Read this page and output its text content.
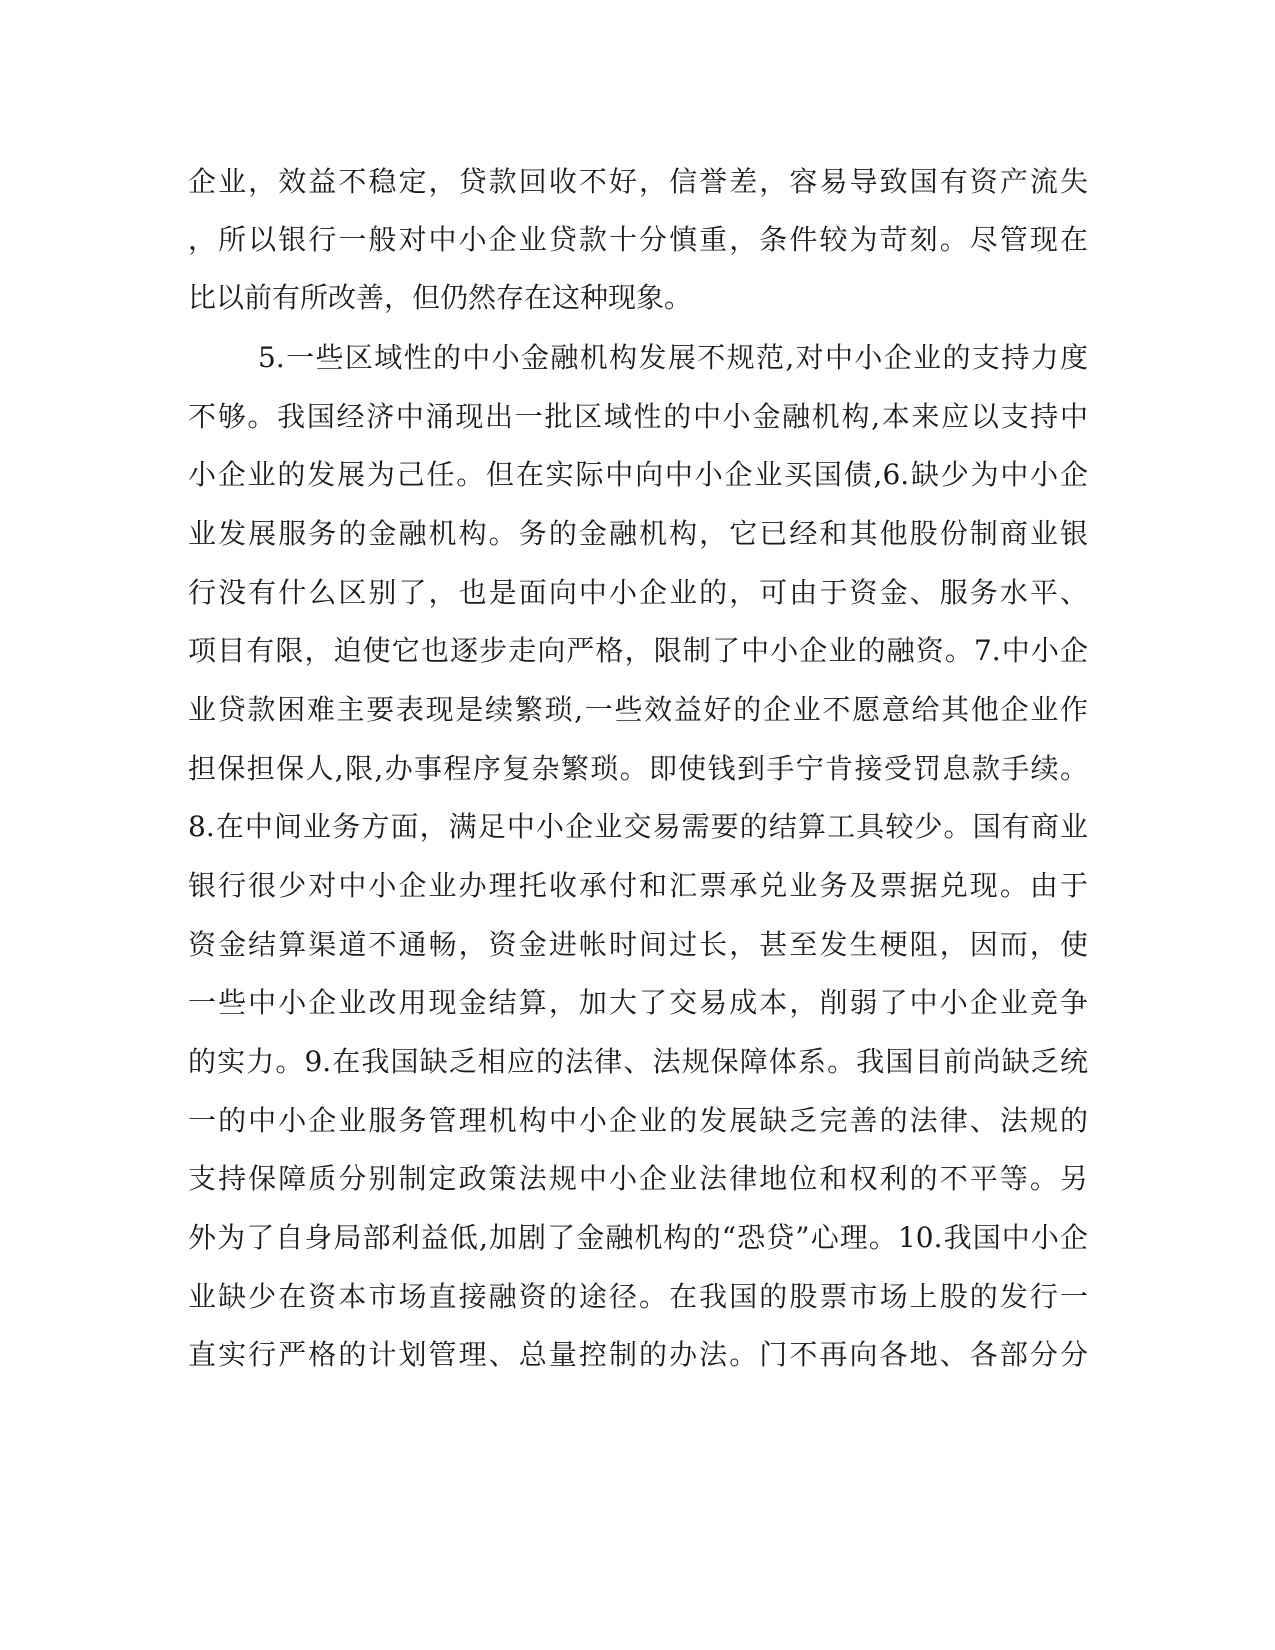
企业，效益不稳定，贷款回收不好，信誉差，容易导致国有资产流失
，所以银行一般对中小企业贷款十分慎重，条件较为苛刻。尽管现在
比以前有所改善，但仍然存在这种现象。
5.一些区域性的中小金融机构发展不规范,对中小企业的支持力度
不够。我国经济中涌现出一批区域性的中小金融机构,本来应以支持中
小企业的发展为己任。但在实际中向中小企业买国债,6.缺少为中小企
业发展服务的金融机构。务的金融机构，它已经和其他股份制商业银
行没有什么区别了，也是面向中小企业的，可由于资金、服务水平、
项目有限，迫使它也逐步走向严格，限制了中小企业的融资。7.中小企
业贷款困难主要表现是续繁琐,一些效益好的企业不愿意给其他企业作
担保担保人,限,办事程序复杂繁琐。即使钱到手宁肯接受罚息款手续。
8.在中间业务方面，满足中小企业交易需要的结算工具较少。国有商业
银行很少对中小企业办理托收承付和汇票承兑业务及票据兑现。由于
资金结算渠道不通畅，资金进帐时间过长，甚至发生梗阻，因而，使
一些中小企业改用现金结算，加大了交易成本，削弱了中小企业竞争
的实力。9.在我国缺乏相应的法律、法规保障体系。我国目前尚缺乏统
一的中小企业服务管理机构中小企业的发展缺乏完善的法律、法规的
支持保障质分别制定政策法规中小企业法律地位和权利的不平等。另
外为了自身局部利益低,加剧了金融机构的“恐贷”心理。10.我国中小企
业缺少在资本市场直接融资的途径。在我国的股票市场上股的发行一
直实行严格的计划管理、总量控制的办法。门不再向各地、各部分分
